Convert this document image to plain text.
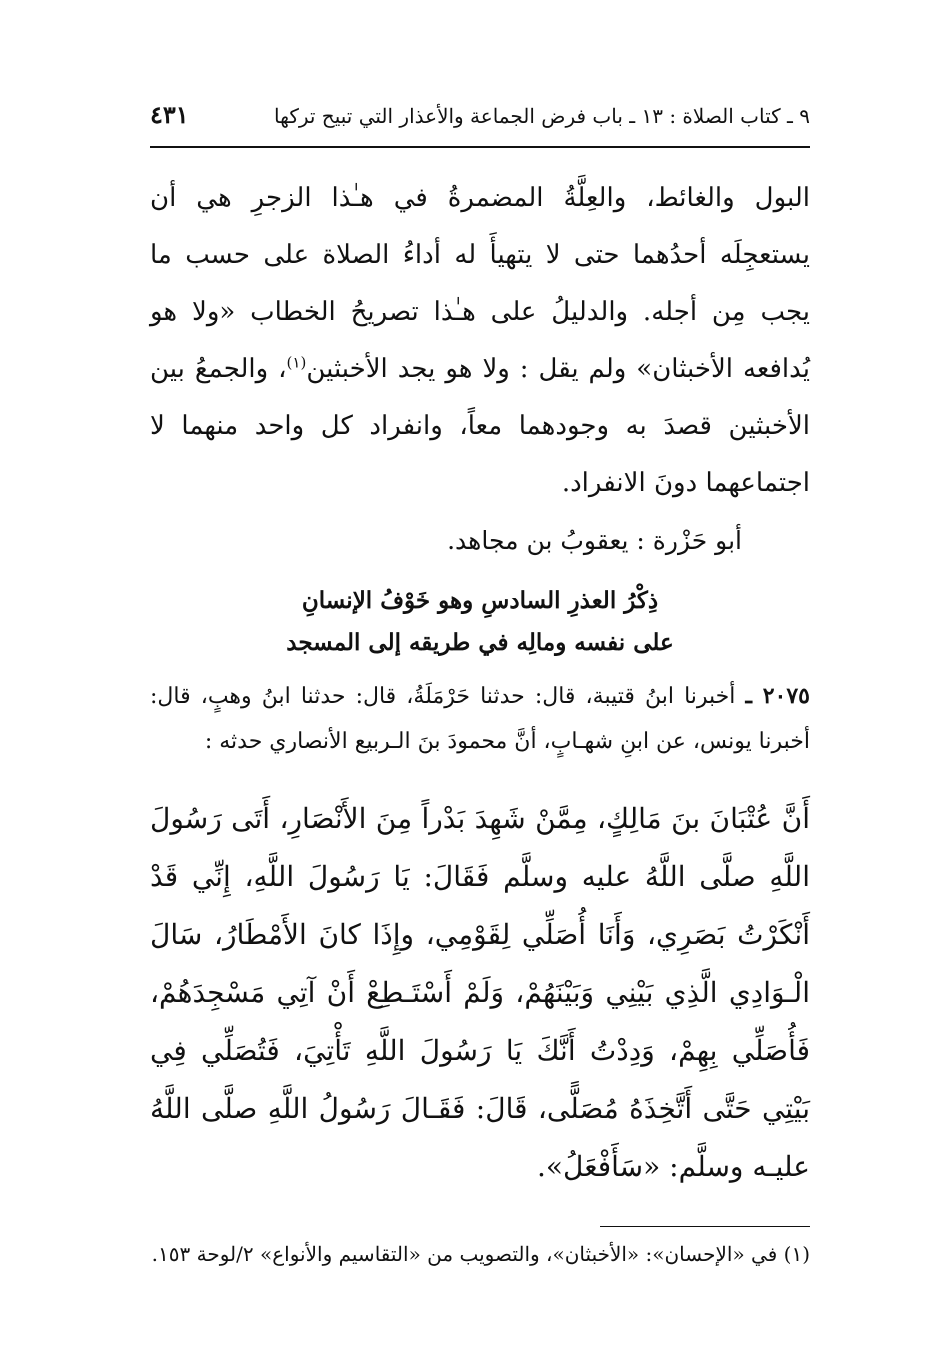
٩ ـ كتاب الصلاة : ١٣ ـ باب فرض الجماعة والأعذار التي تبيح تركها
٤٣١

البول والغائط، والعِلَّةُ المضمرةُ في هـٰذا الزجرِ هي أن يستعجِلَه أحدُهما حتى لا يتهيأَ له أداءُ الصلاة على حسب ما يجب مِن أجله. والدليلُ على هـٰذا تصريحُ الخطاب «ولا هو يُدافعه الأخبثان» ولم يقل : ولا هو يجد الأخبثين$^{(١)}$، والجمعُ بين الأخبثين قصدَ به وجودهما معاً، وانفراد كل واحد منهما لا اجتماعهما دونَ الانفراد.

أبو حَزْرة : يعقوبُ بن مجاهد.

ذِكْرُ العذرِ السادسِ وهو خَوْفُ الإنسانِ
على نفسه ومالِه في طريقه إلى المسجد

٢٠٧٥ ـ أخبرنا ابنُ قتيبة، قال: حدثنا حَرْمَلَةُ، قال: حدثنا ابنُ وهبٍ، قال: أخبرنا يونس، عن ابنِ شهـابٍ، أنَّ محمودَ بنَ الـربيع الأنصاري حدثه :

أَنَّ عُتْبَانَ بنَ مَالِكٍ، مِمَّنْ شَهِدَ بَدْراً مِنَ الأَنْصَارِ، أَتَى رَسُولَ اللَّهِ صلَّى اللَّهُ عليه وسلَّم فَقَالَ: يَا رَسُولَ اللَّهِ، إِنِّي قَدْ أَنْكَرْتُ بَصَرِي، وَأَنَا أُصَلِّي لِقَوْمِي، وإِذَا كانَ الأَمْطَارُ، سَالَ الْـوَادِي الَّذِي بَيْنِي وَبَيْنَهُمْ، وَلَمْ أَسْتَـطِعْ أَنْ آتِي مَسْجِدَهُمْ، فَأُصَلِّي بِهِمْ، وَدِدْتُ أَنَّكَ يَا رَسُولَ اللَّهِ تَأْتِيَ، فَتُصَلِّي فِي بَيْتِي حَتَّى أَتَّخِذَهُ مُصَلًّى، قَالَ: فَقَـالَ رَسُولُ اللَّهِ صلَّى اللَّهُ عليـه وسلَّم: «سَأَفْعَلُ».

(١) في «الإحسان»: «الأخبثان»، والتصويب من «التقاسيم والأنواع» ٢/لوحة ١٥٣.
